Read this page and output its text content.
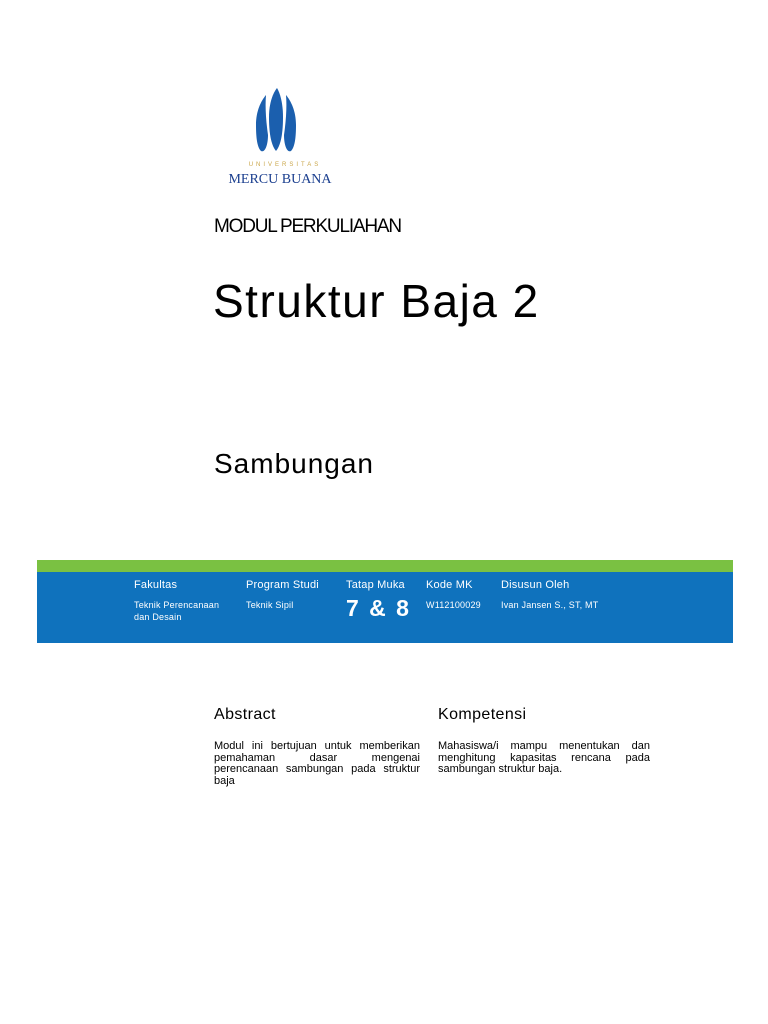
UNIVERSITAS
MERCU BUANA
MODUL PERKULIAHAN
Struktur Baja 2
Sambungan
Fakultas
Teknik Perencanaan
dan Desain
Program Studi
Teknik Sipil
Tatap Muka
7 & 8
Kode MK
W112100029
Disusun Oleh
Ivan Jansen S., ST, MT
Abstract
Modul ini bertujuan untuk memberikan pemahaman dasar mengenai perencanaan sambungan pada struktur baja
Kompetensi
Mahasiswa/i mampu menentukan dan menghitung kapasitas rencana pada sambungan struktur baja.
